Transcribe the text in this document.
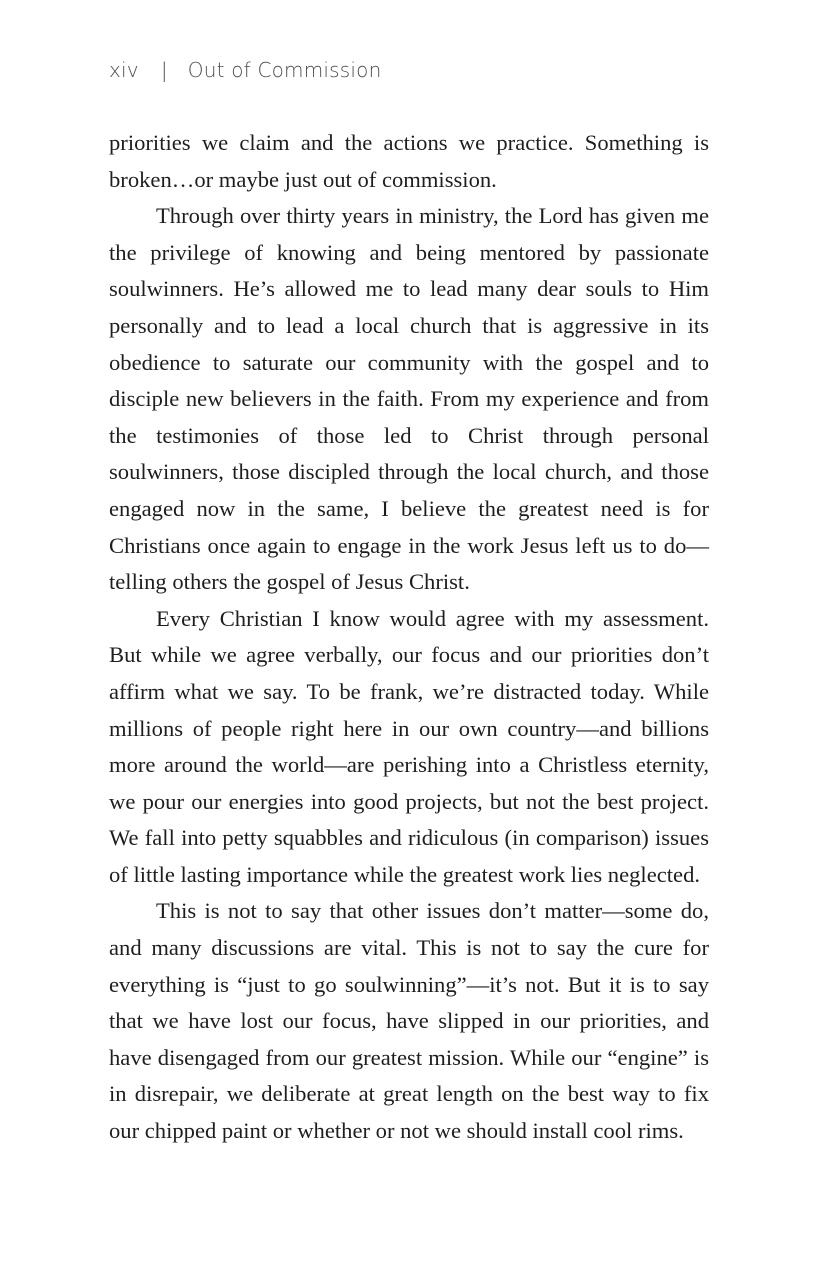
xiv | Out of Commission

priorities we claim and the actions we practice. Something is broken…or maybe just out of commission.

Through over thirty years in ministry, the Lord has given me the privilege of knowing and being mentored by passionate soulwinners. He’s allowed me to lead many dear souls to Him personally and to lead a local church that is aggressive in its obedience to saturate our community with the gospel and to disciple new believers in the faith. From my experience and from the testimonies of those led to Christ through personal soulwinners, those discipled through the local church, and those engaged now in the same, I believe the greatest need is for Christians once again to engage in the work Jesus left us to do—telling others the gospel of Jesus Christ.

Every Christian I know would agree with my assessment. But while we agree verbally, our focus and our priorities don’t affirm what we say. To be frank, we’re distracted today. While millions of people right here in our own country—and billions more around the world—are perishing into a Christless eternity, we pour our energies into good projects, but not the best project. We fall into petty squabbles and ridiculous (in comparison) issues of little lasting importance while the greatest work lies neglected.

This is not to say that other issues don’t matter—some do, and many discussions are vital. This is not to say the cure for everything is “just to go soulwinning”—it’s not. But it is to say that we have lost our focus, have slipped in our priorities, and have disengaged from our greatest mission. While our “engine” is in disrepair, we deliberate at great length on the best way to fix our chipped paint or whether or not we should install cool rims.
